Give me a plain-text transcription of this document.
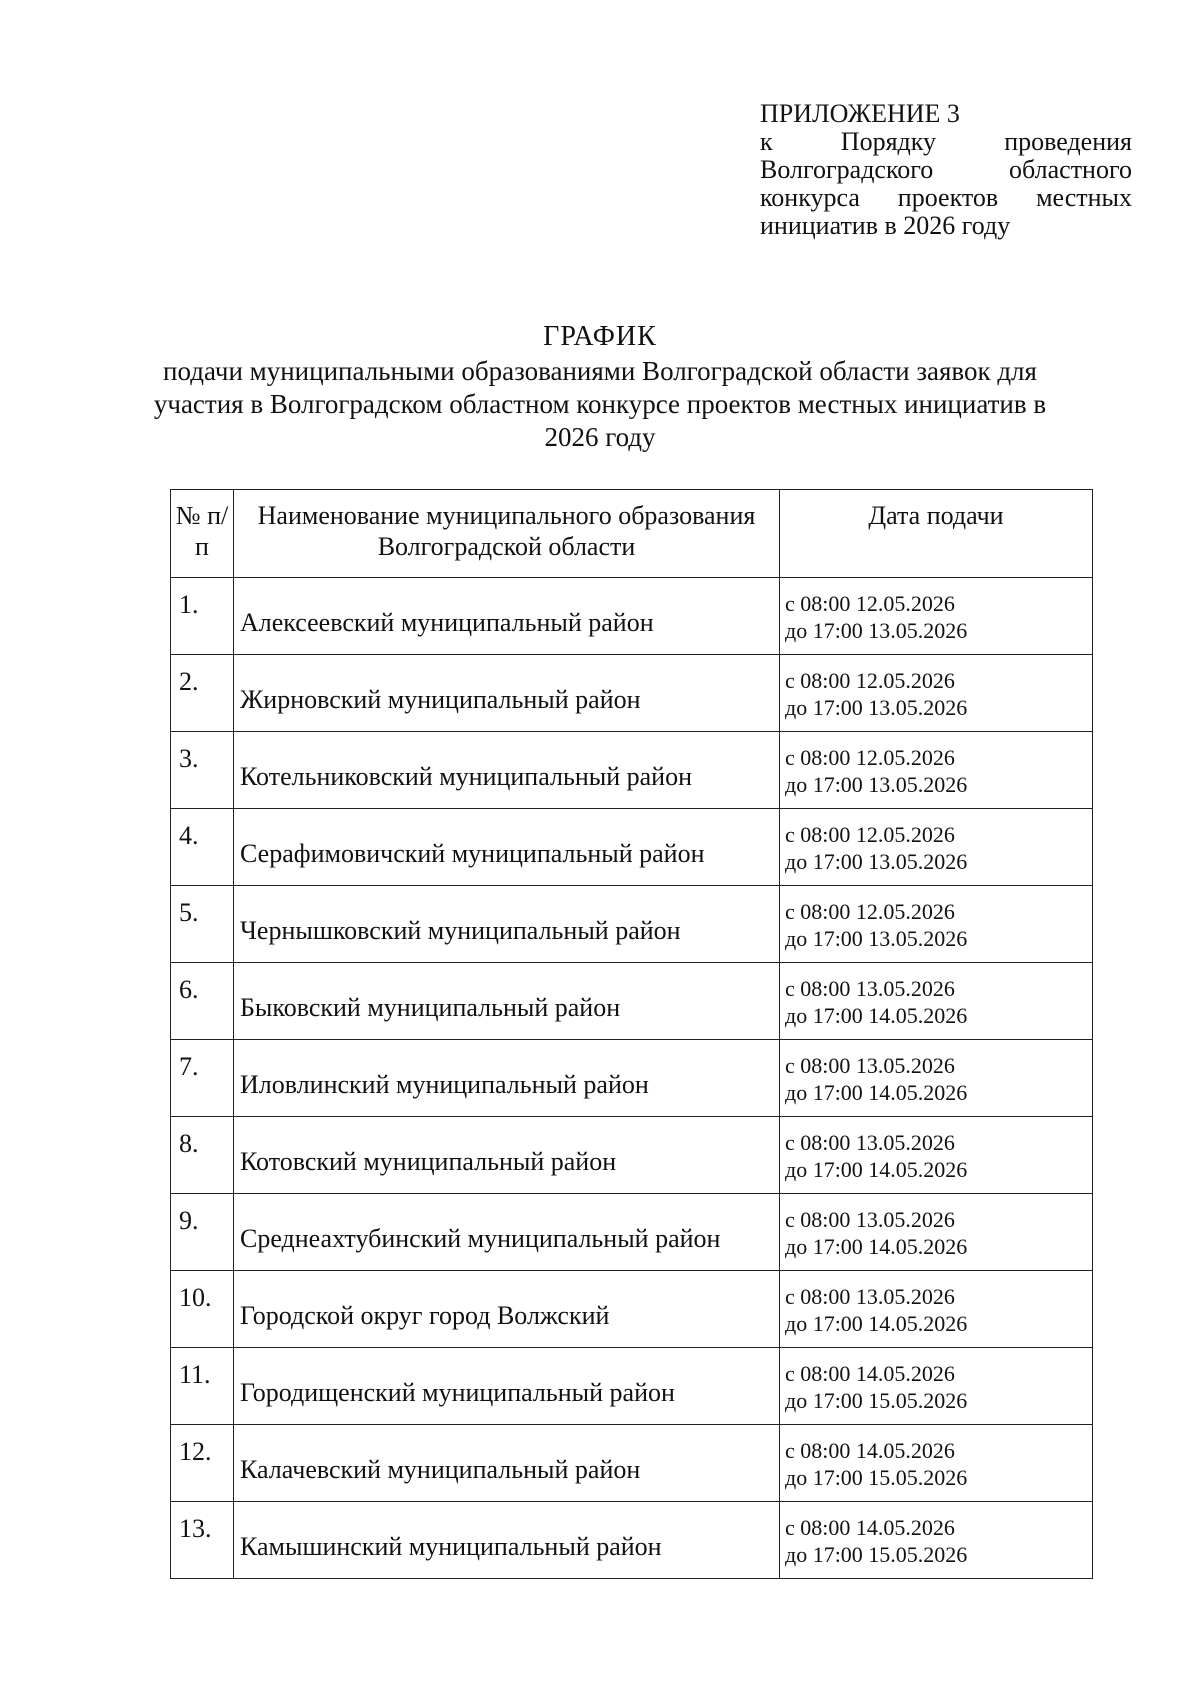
ПРИЛОЖЕНИЕ 3
к Порядку проведения Волгоградского областного конкурса проектов местных инициатив в 2026 году
ГРАФИК
подачи муниципальными образованиями Волгоградской области заявок для участия в Волгоградском областном конкурсе проектов местных инициатив в 2026 году
№ п/п	Наименование муниципального образования Волгоградской области	Дата подачи
1.	Алексеевский муниципальный район	с 08:00 12.05.2026
до 17:00 13.05.2026

2.	Жирновский муниципальный район	с 08:00 12.05.2026
до 17:00 13.05.2026

3.	Котельниковский муниципальный район	с 08:00 12.05.2026
до 17:00 13.05.2026

4.	Серафимовичский муниципальный район	с 08:00 12.05.2026
до 17:00 13.05.2026

5.	Чернышковский муниципальный район	с 08:00 12.05.2026
до 17:00 13.05.2026

6.	Быковский муниципальный район	с 08:00 13.05.2026
до 17:00 14.05.2026

7.	Иловлинский муниципальный район	с 08:00 13.05.2026
до 17:00 14.05.2026

8.	Котовский муниципальный район	с 08:00 13.05.2026
до 17:00 14.05.2026

9.	Среднеахтубинский муниципальный район	с 08:00 13.05.2026
до 17:00 14.05.2026

10.	Городской округ город Волжский	с 08:00 13.05.2026
до 17:00 14.05.2026

11.	Городищенский муниципальный район	с 08:00 14.05.2026
до 17:00 15.05.2026

12.	Калачевский муниципальный район	с 08:00 14.05.2026
до 17:00 15.05.2026

13.	Камышинский муниципальный район	с 08:00 14.05.2026
до 17:00 15.05.2026
